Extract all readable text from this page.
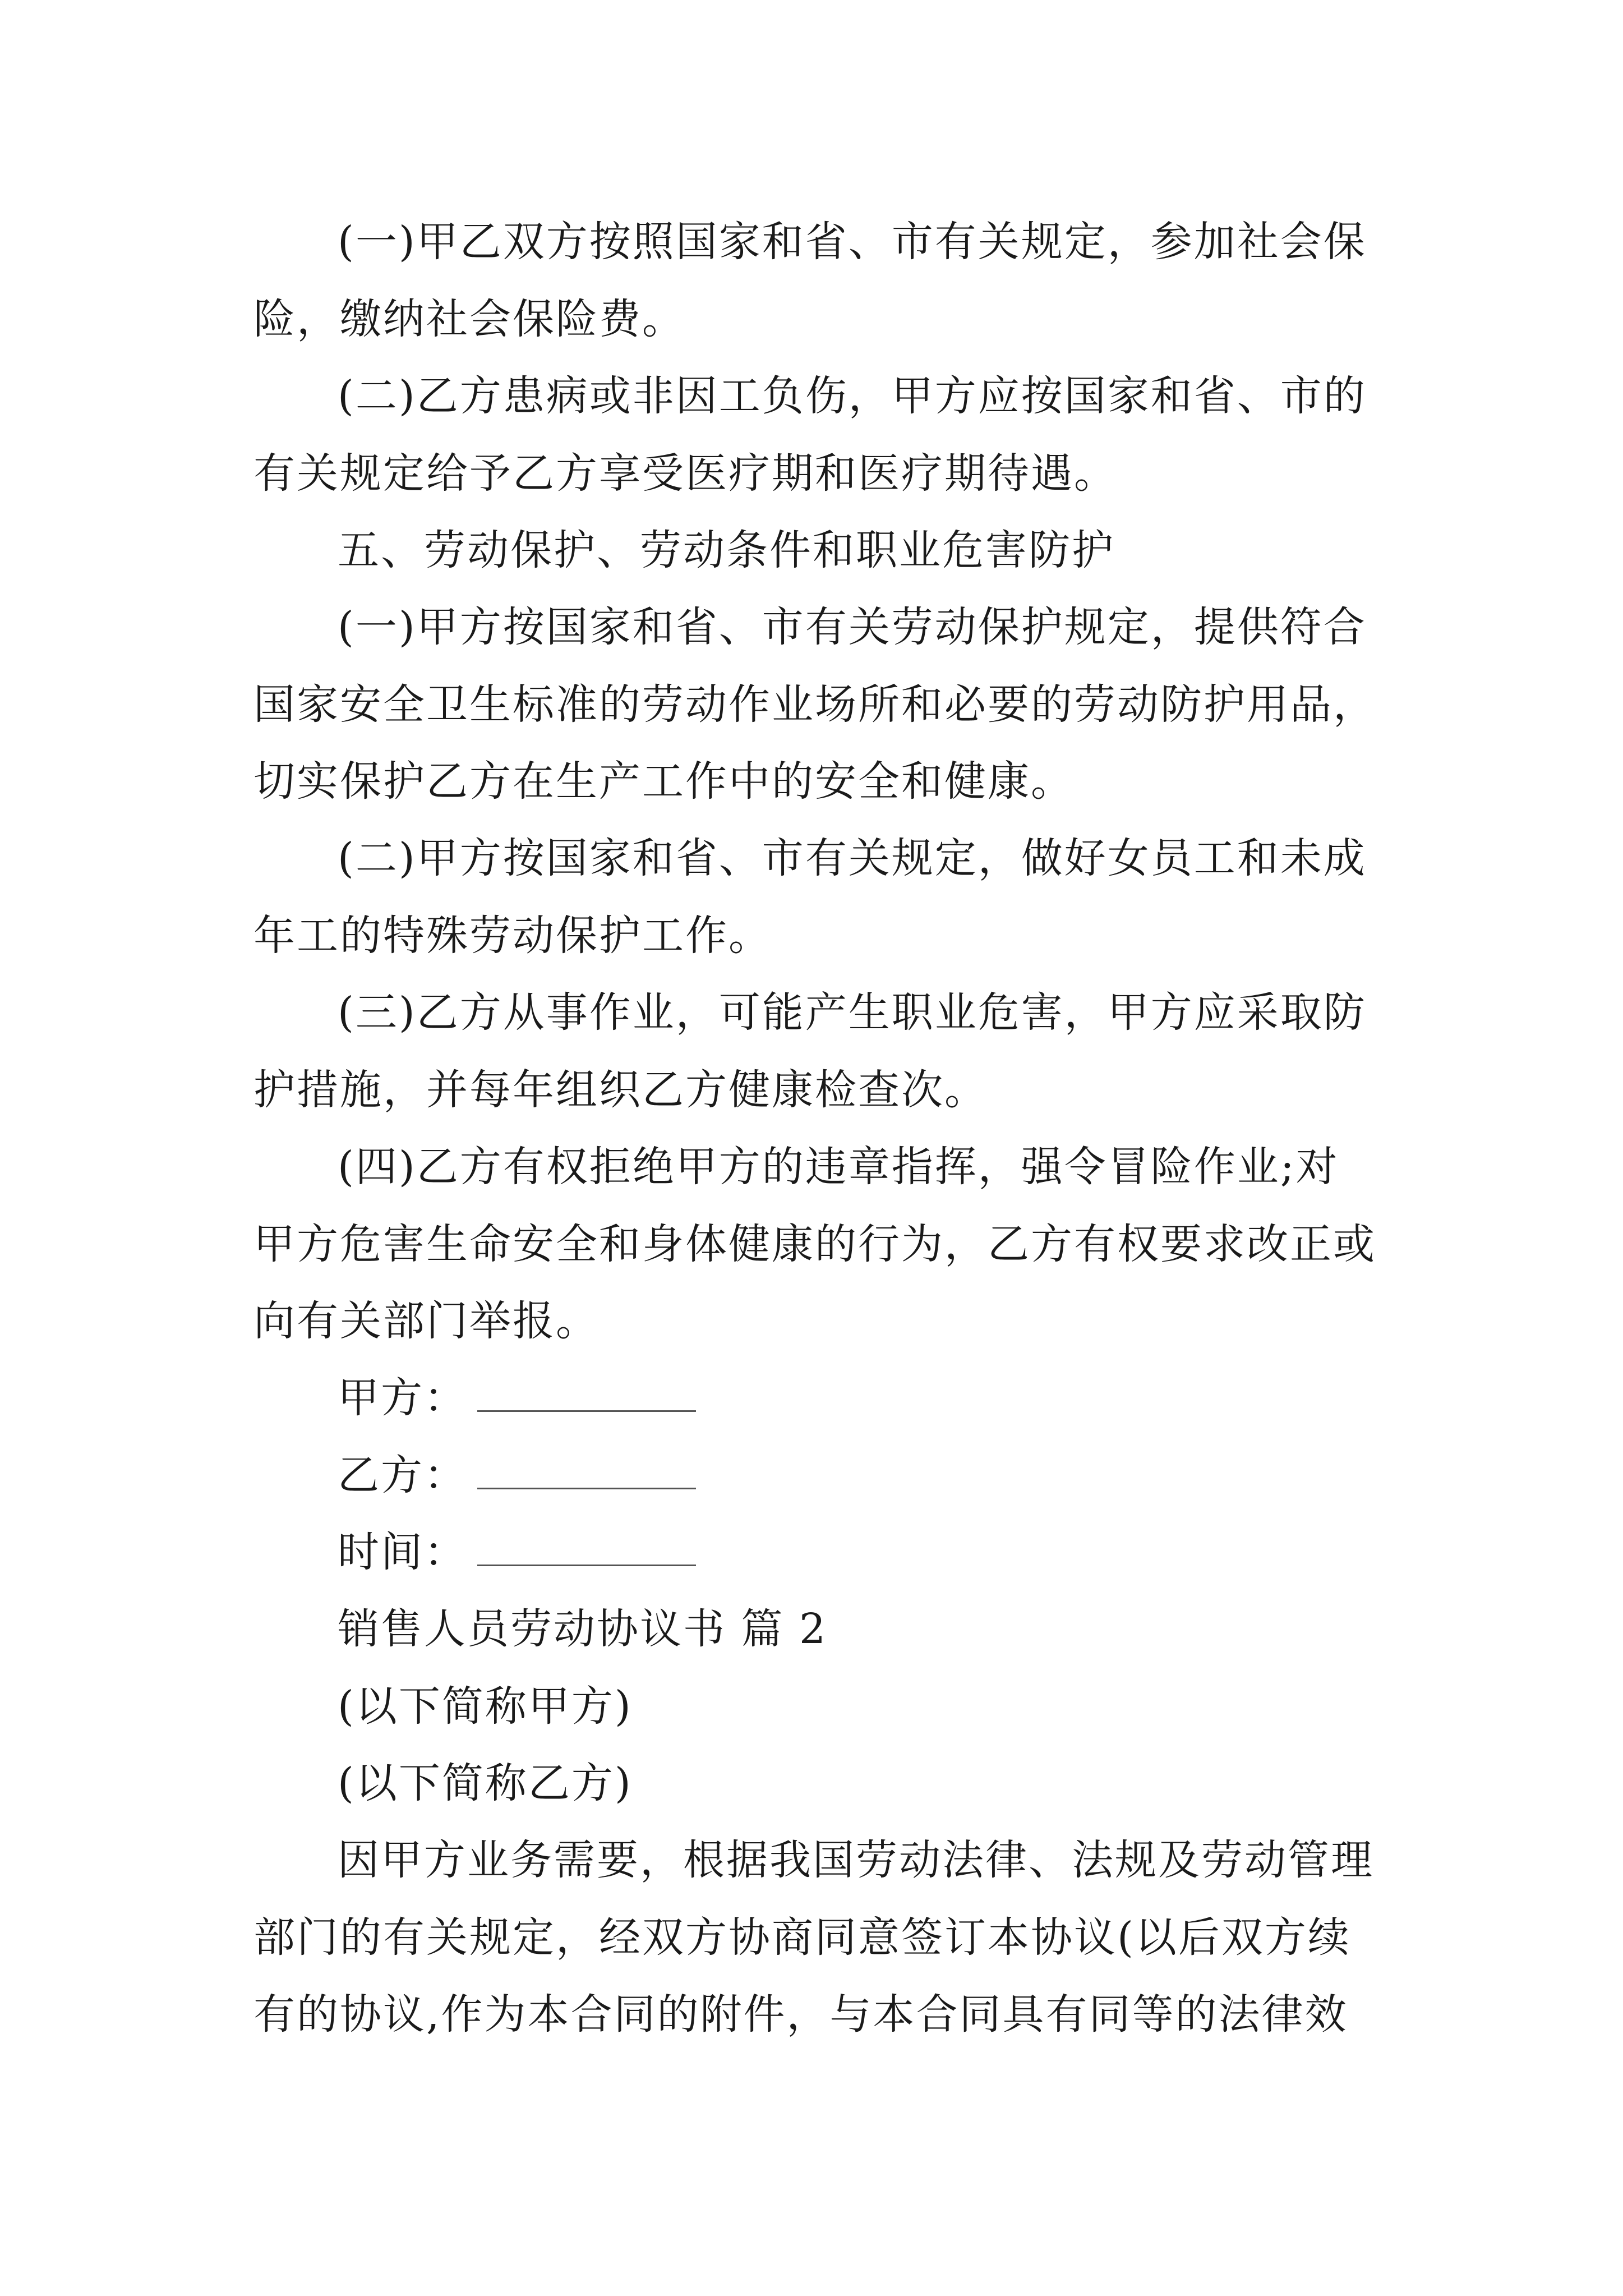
(一)甲乙双方按照国家和省、市有关规定，参加社会保
险，缴纳社会保险费。
(二)乙方患病或非因工负伤，甲方应按国家和省、市的
有关规定给予乙方享受医疗期和医疗期待遇。
五、劳动保护、劳动条件和职业危害防护
(一)甲方按国家和省、市有关劳动保护规定，提供符合
国家安全卫生标准的劳动作业场所和必要的劳动防护用品，
切实保护乙方在生产工作中的安全和健康。
(二)甲方按国家和省、市有关规定，做好女员工和未成
年工的特殊劳动保护工作。
(三)乙方从事作业，可能产生职业危害，甲方应采取防
护措施，并每年组织乙方健康检查次。
(四)乙方有权拒绝甲方的违章指挥，强令冒险作业;对
甲方危害生命安全和身体健康的行为，乙方有权要求改正或
向有关部门举报。
甲方：
乙方：
时间：
销售人员劳动协议书 篇 2
(以下简称甲方)
(以下简称乙方)
因甲方业务需要，根据我国劳动法律、法规及劳动管理
部门的有关规定，经双方协商同意签订本协议(以后双方续
有的协议,作为本合同的附件，与本合同具有同等的法律效
